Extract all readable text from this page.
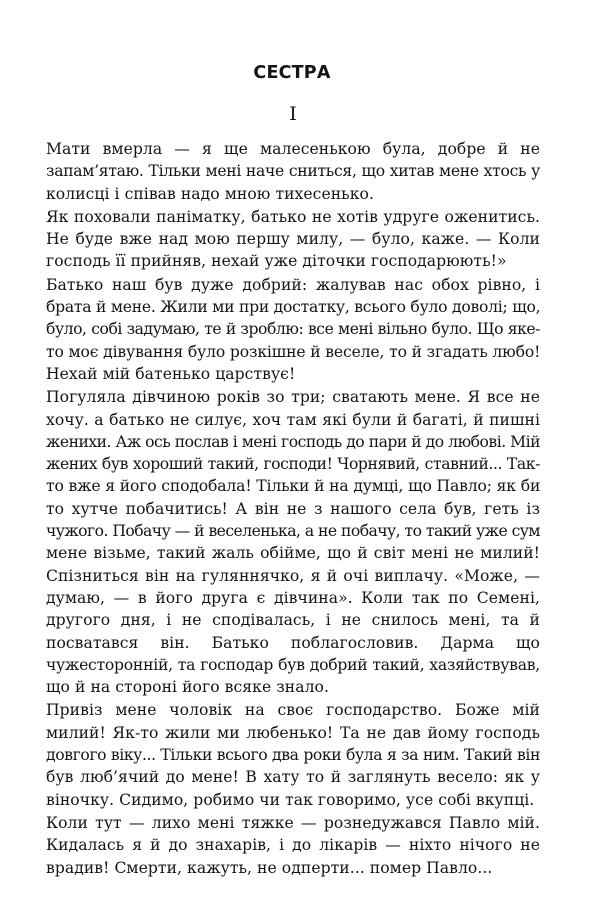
СЕСТРА
I

Мати вмерла — я ще малесенькою була, добре й не
запам’ятаю. Тільки мені наче сниться, що хитав мене хтось у
колисці і співав надо мною тихесенько.

Як поховали паніматку, батько не хотів удруге оженитись.
Не буде вже над мою першу милу, — було, каже. — Коли
господь її прийняв, нехай уже діточки господарюють!»

Батько наш був дуже добрий: жалував нас обох рівно, і
брата й мене. Жили ми при достатку, всього було доволі; що,
було, собі задумаю, те й зроблю: все мені вільно було. Що яке-
то моє дівування було розкішне й веселе, то й згадать любо!
Нехай мій батенько царствує!

Погуляла дівчиною років зо три; сватають мене. Я все не
хочу. а батько не силує, хоч там які були й багаті, й пишні
женихи. Аж ось послав і мені господь до пари й до любові. Мій
жених був хороший такий, господи! Чорнявий, ставний... Так-
то вже я його сподобала! Тільки й на думці, що Павло; як би
то хутче побачитись! А він не з нашого села був, геть із
чужого. Побачу — й веселенька, а не побачу, то такий уже сум
мене візьме, такий жаль обійме, що й світ мені не милий!
Спізниться він на гуляннячко, я й очі виплачу. «Може, —
думаю, — в його друга є дівчина». Коли так по Семені,
другого дня, і не сподівалась, і не снилось мені, та й
посватався він. Батько поблагословив. Дарма що
чужесторонній, та господар був добрий такий, хазяйствував,
що й на стороні його всяке знало.

Привіз мене чоловік на своє господарство. Боже мій
милий! Як-то жили ми любенько! Та не дав йому господь
довгого віку... Тільки всього два роки була я за ним. Такий він
був люб’ячий до мене! В хату то й заглянуть весело: як у
віночку. Сидимо, робимо чи так говоримо, усе собі вкупці.

Коли тут — лихо мені тяжке — рознедужався Павло мій.
Кидалась я й до знахарів, і до лікарів — ніхто нічого не
врадив! Смерти, кажуть, не одперти... помер Павло...
